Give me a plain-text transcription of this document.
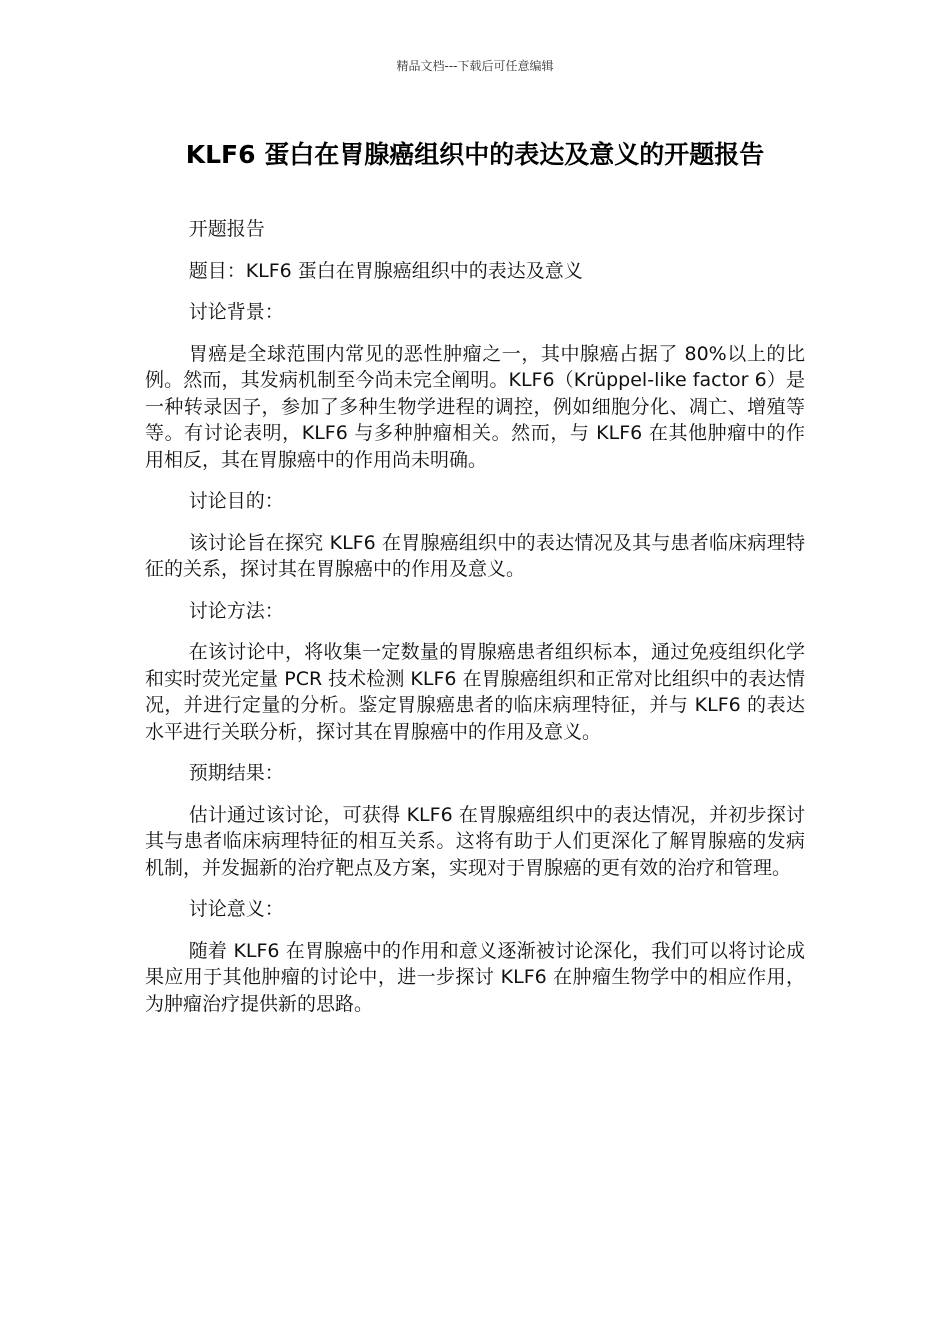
精品文档---下载后可任意编辑
KLF6 蛋白在胃腺癌组织中的表达及意义的开题报告

开题报告

题目：KLF6 蛋白在胃腺癌组织中的表达及意义

讨论背景：

胃癌是全球范围内常见的恶性肿瘤之一，其中腺癌占据了 80%以上的比例。然而，其发病机制至今尚未完全阐明。KLF6（Krüppel-like factor 6）是一种转录因子，参加了多种生物学进程的调控，例如细胞分化、凋亡、增殖等等。有讨论表明，KLF6 与多种肿瘤相关。然而，与 KLF6 在其他肿瘤中的作用相反，其在胃腺癌中的作用尚未明确。

讨论目的：

该讨论旨在探究 KLF6 在胃腺癌组织中的表达情况及其与患者临床病理特征的关系，探讨其在胃腺癌中的作用及意义。

讨论方法：

在该讨论中，将收集一定数量的胃腺癌患者组织标本，通过免疫组织化学和实时荧光定量 PCR 技术检测 KLF6 在胃腺癌组织和正常对比组织中的表达情况，并进行定量的分析。鉴定胃腺癌患者的临床病理特征，并与 KLF6 的表达水平进行关联分析，探讨其在胃腺癌中的作用及意义。

预期结果：

估计通过该讨论，可获得 KLF6 在胃腺癌组织中的表达情况，并初步探讨其与患者临床病理特征的相互关系。这将有助于人们更深化了解胃腺癌的发病机制，并发掘新的治疗靶点及方案，实现对于胃腺癌的更有效的治疗和管理。

讨论意义：

随着 KLF6 在胃腺癌中的作用和意义逐渐被讨论深化，我们可以将讨论成果应用于其他肿瘤的讨论中，进一步探讨 KLF6 在肿瘤生物学中的相应作用，为肿瘤治疗提供新的思路。
